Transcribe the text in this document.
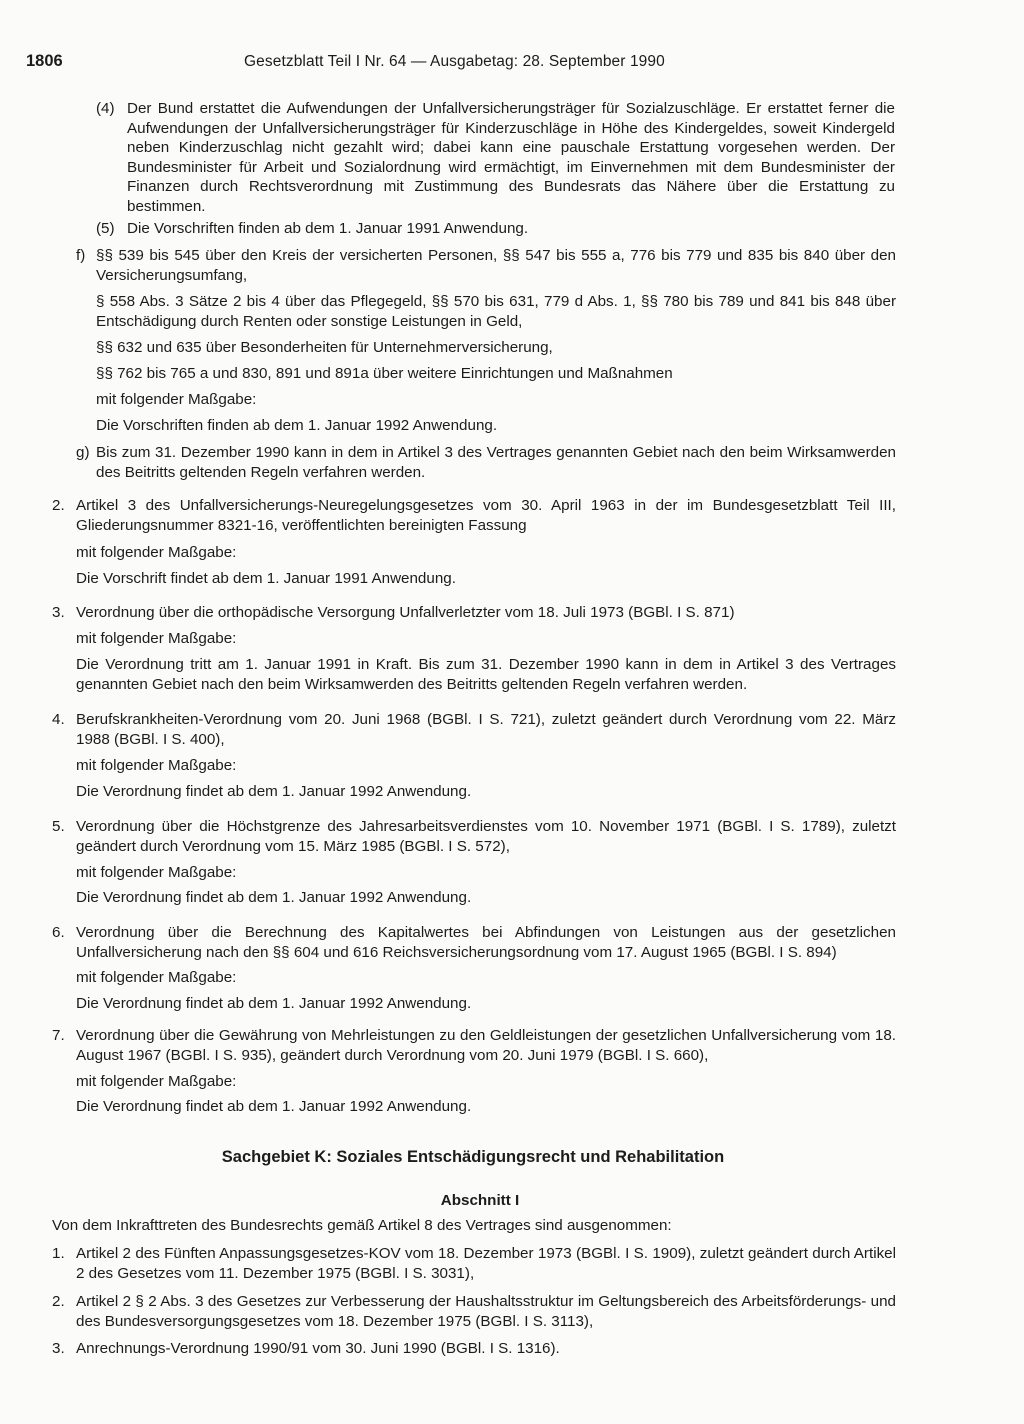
1806	Gesetzblatt Teil I Nr. 64 — Ausgabetag: 28. September 1990
(4) Der Bund erstattet die Aufwendungen der Unfallversicherungsträger für Sozialzuschläge. Er erstattet ferner die Aufwendungen der Unfallversicherungsträger für Kinderzuschläge in Höhe des Kindergeldes, soweit Kindergeld neben Kinderzuschlag nicht gezahlt wird; dabei kann eine pauschale Erstattung vorgesehen werden. Der Bundesminister für Arbeit und Sozialordnung wird ermächtigt, im Einvernehmen mit dem Bundesminister der Finanzen durch Rechtsverordnung mit Zustimmung des Bundesrats das Nähere über die Erstattung zu bestimmen.
(5) Die Vorschriften finden ab dem 1. Januar 1991 Anwendung.
f) §§ 539 bis 545 über den Kreis der versicherten Personen, §§ 547 bis 555 a, 776 bis 779 und 835 bis 840 über den Versicherungsumfang,
§ 558 Abs. 3 Sätze 2 bis 4 über das Pflegegeld, §§ 570 bis 631, 779 d Abs. 1, §§ 780 bis 789 und 841 bis 848 über Entschädigung durch Renten oder sonstige Leistungen in Geld,
§§ 632 und 635 über Besonderheiten für Unternehmerversicherung,
§§ 762 bis 765 a und 830, 891 und 891a über weitere Einrichtungen und Maßnahmen
mit folgender Maßgabe:
Die Vorschriften finden ab dem 1. Januar 1992 Anwendung.
g) Bis zum 31. Dezember 1990 kann in dem in Artikel 3 des Vertrages genannten Gebiet nach den beim Wirksamwerden des Beitritts geltenden Regeln verfahren werden.
2. Artikel 3 des Unfallversicherungs-Neuregelungsgesetzes vom 30. April 1963 in der im Bundesgesetzblatt Teil III, Gliederungsnummer 8321-16, veröffentlichten bereinigten Fassung
mit folgender Maßgabe:
Die Vorschrift findet ab dem 1. Januar 1991 Anwendung.
3. Verordnung über die orthopädische Versorgung Unfallverletzter vom 18. Juli 1973 (BGBl. I S. 871)
mit folgender Maßgabe:
Die Verordnung tritt am 1. Januar 1991 in Kraft. Bis zum 31. Dezember 1990 kann in dem in Artikel 3 des Vertrages genannten Gebiet nach den beim Wirksamwerden des Beitritts geltenden Regeln verfahren werden.
4. Berufskrankheiten-Verordnung vom 20. Juni 1968 (BGBl. I S. 721), zuletzt geändert durch Verordnung vom 22. März 1988 (BGBl. I S. 400),
mit folgender Maßgabe:
Die Verordnung findet ab dem 1. Januar 1992 Anwendung.
5. Verordnung über die Höchstgrenze des Jahresarbeitsverdienstes vom 10. November 1971 (BGBl. I S. 1789), zuletzt geändert durch Verordnung vom 15. März 1985 (BGBl. I S. 572),
mit folgender Maßgabe:
Die Verordnung findet ab dem 1. Januar 1992 Anwendung.
6. Verordnung über die Berechnung des Kapitalwertes bei Abfindungen von Leistungen aus der gesetzlichen Unfallversicherung nach den §§ 604 und 616 Reichsversicherungsordnung vom 17. August 1965 (BGBl. I S. 894)
mit folgender Maßgabe:
Die Verordnung findet ab dem 1. Januar 1992 Anwendung.
7. Verordnung über die Gewährung von Mehrleistungen zu den Geldleistungen der gesetzlichen Unfallversicherung vom 18. August 1967 (BGBl. I S. 935), geändert durch Verordnung vom 20. Juni 1979 (BGBl. I S. 660),
mit folgender Maßgabe:
Die Verordnung findet ab dem 1. Januar 1992 Anwendung.
Sachgebiet K: Soziales Entschädigungsrecht und Rehabilitation
Abschnitt I
Von dem Inkrafttreten des Bundesrechts gemäß Artikel 8 des Vertrages sind ausgenommen:
1. Artikel 2 des Fünften Anpassungsgesetzes-KOV vom 18. Dezember 1973 (BGBl. I S. 1909), zuletzt geändert durch Artikel 2 des Gesetzes vom 11. Dezember 1975 (BGBl. I S. 3031),
2. Artikel 2 § 2 Abs. 3 des Gesetzes zur Verbesserung der Haushaltsstruktur im Geltungsbereich des Arbeitsförderungs- und des Bundesversorgungsgesetzes vom 18. Dezember 1975 (BGBl. I S. 3113),
3. Anrechnungs-Verordnung 1990/91 vom 30. Juni 1990 (BGBl. I S. 1316).
